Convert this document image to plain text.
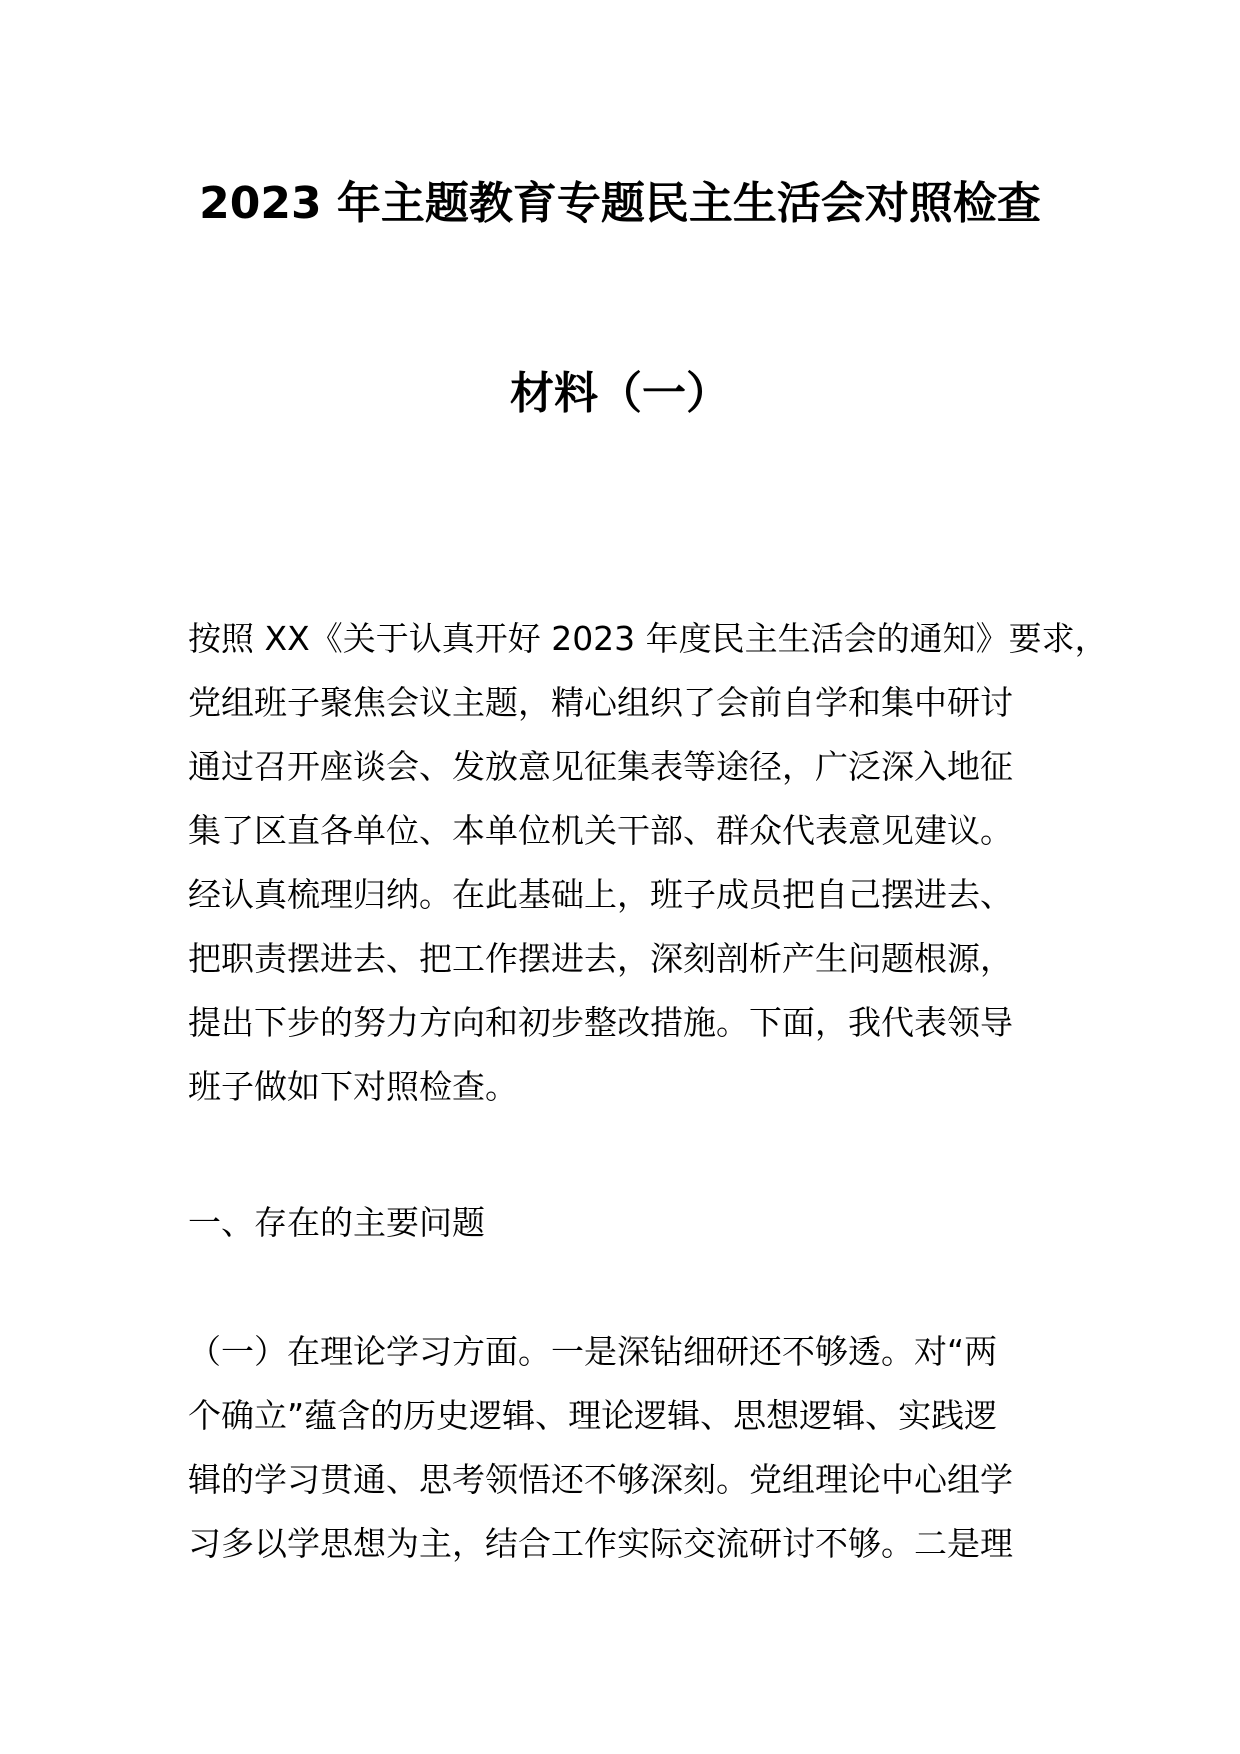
2023 年主题教育专题民主生活会对照检查
材料（一）
按照 XX《关于认真开好 2023 年度民主生活会的通知》要求，
党组班子聚焦会议主题，精心组织了会前自学和集中研讨
通过召开座谈会、发放意见征集表等途径，广泛深入地征
集了区直各单位、本单位机关干部、群众代表意见建议。
经认真梳理归纳。在此基础上，班子成员把自己摆进去、
把职责摆进去、把工作摆进去，深刻剖析产生问题根源，
提出下步的努力方向和初步整改措施。下面，我代表领导
班子做如下对照检查。
一、存在的主要问题
（一）在理论学习方面。一是深钻细研还不够透。对“两
个确立”蕴含的历史逻辑、理论逻辑、思想逻辑、实践逻
辑的学习贯通、思考领悟还不够深刻。党组理论中心组学
习多以学思想为主，结合工作实际交流研讨不够。二是理
